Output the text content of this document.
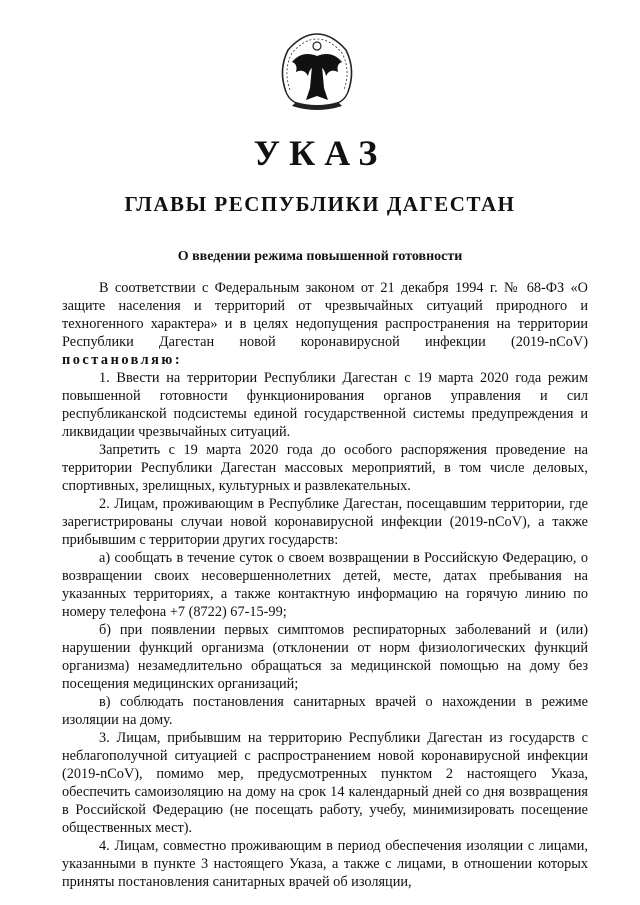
УКАЗ
ГЛАВЫ РЕСПУБЛИКИ ДАГЕСТАН
О введении режима повышенной готовности

В соответствии с Федеральным законом от 21 декабря 1994 г. № 68-ФЗ «О защите населения и территорий от чрезвычайных ситуаций природного и техногенного характера» и в целях недопущения распространения на территории Республики Дагестан новой коронавирусной инфекции (2019-nCoV) постановляю:

1. Ввести на территории Республики Дагестан с 19 марта 2020 года режим повышенной готовности функционирования органов управления и сил республиканской подсистемы единой государственной системы предупреждения и ликвидации чрезвычайных ситуаций.

Запретить с 19 марта 2020 года до особого распоряжения проведение на территории Республики Дагестан массовых мероприятий, в том числе деловых, спортивных, зрелищных, культурных и развлекательных.

2. Лицам, проживающим в Республике Дагестан, посещавшим территории, где зарегистрированы случаи новой коронавирусной инфекции (2019-nCoV), а также прибывшим с территории других государств:

а) сообщать в течение суток о своем возвращении в Российскую Федерацию, о возвращении своих несовершеннолетних детей, месте, датах пребывания на указанных территориях, а также контактную информацию на горячую линию по номеру телефона +7 (8722) 67-15-99;

б) при появлении первых симптомов респираторных заболеваний и (или) нарушении функций организма (отклонении от норм физиологических функций организма) незамедлительно обращаться за медицинской помощью на дому без посещения медицинских организаций;

в) соблюдать постановления санитарных врачей о нахождении в режиме изоляции на дому.

3. Лицам, прибывшим на территорию Республики Дагестан из государств с неблагополучной ситуацией с распространением новой коронавирусной инфекции (2019-nCoV), помимо мер, предусмотренных пунктом 2 настоящего Указа, обеспечить самоизоляцию на дому на срок 14 календарный дней со дня возвращения в Российской Федерацию (не посещать работу, учебу, минимизировать посещение общественных мест).

4. Лицам, совместно проживающим в период обеспечения изоляции с лицами, указанными в пункте 3 настоящего Указа, а также с лицами, в отношении которых приняты постановления санитарных врачей об изоляции,
